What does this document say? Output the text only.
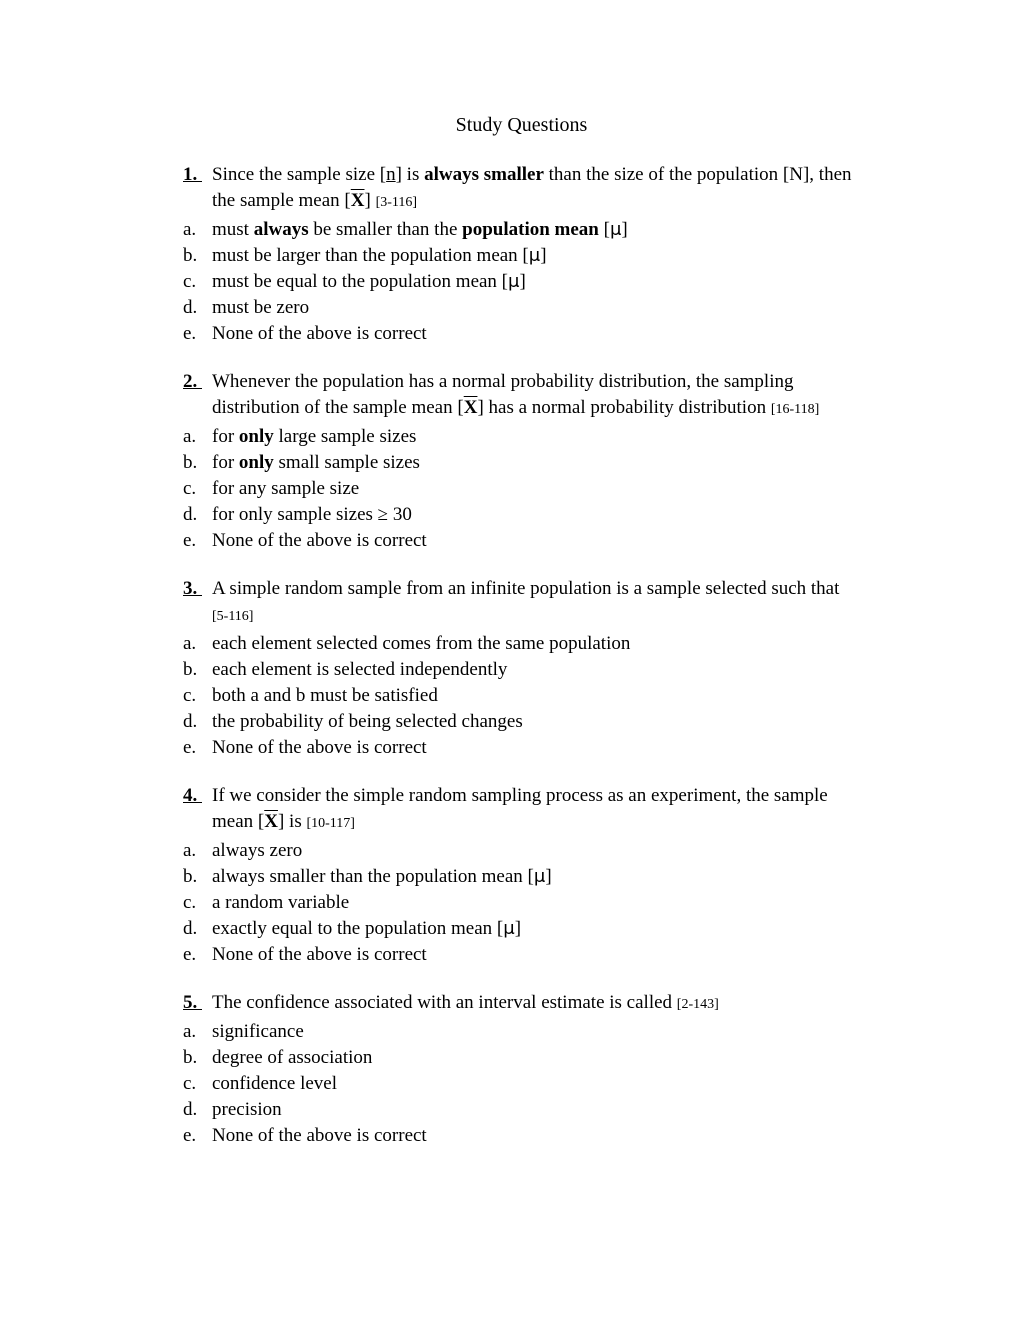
Study Questions
1. Since the sample size [n] is always smaller than the size of the population [N], then the sample mean $[\overline{X}]$ [3-116]
a. must always be smaller than the population mean [μ]
b. must be larger than the population mean [μ]
c. must be equal to the population mean [μ]
d. must be zero
e. None of the above is correct
2. Whenever the population has a normal probability distribution, the sampling distribution of the sample mean $[\overline{X}]$ has a normal probability distribution [16-118]
a. for only large sample sizes
b. for only small sample sizes
c. for any sample size
d. for only sample sizes ≥ 30
e. None of the above is correct
3. A simple random sample from an infinite population is a sample selected such that [5-116]
a. each element selected comes from the same population
b. each element is selected independently
c. both a and b must be satisfied
d. the probability of being selected changes
e. None of the above is correct
4. If we consider the simple random sampling process as an experiment, the sample mean $[\overline{X}]$ is [10-117]
a. always zero
b. always smaller than the population mean [μ]
c. a random variable
d. exactly equal to the population mean [μ]
e. None of the above is correct
5. The confidence associated with an interval estimate is called [2-143]
a. significance
b. degree of association
c. confidence level
d. precision
e. None of the above is correct
